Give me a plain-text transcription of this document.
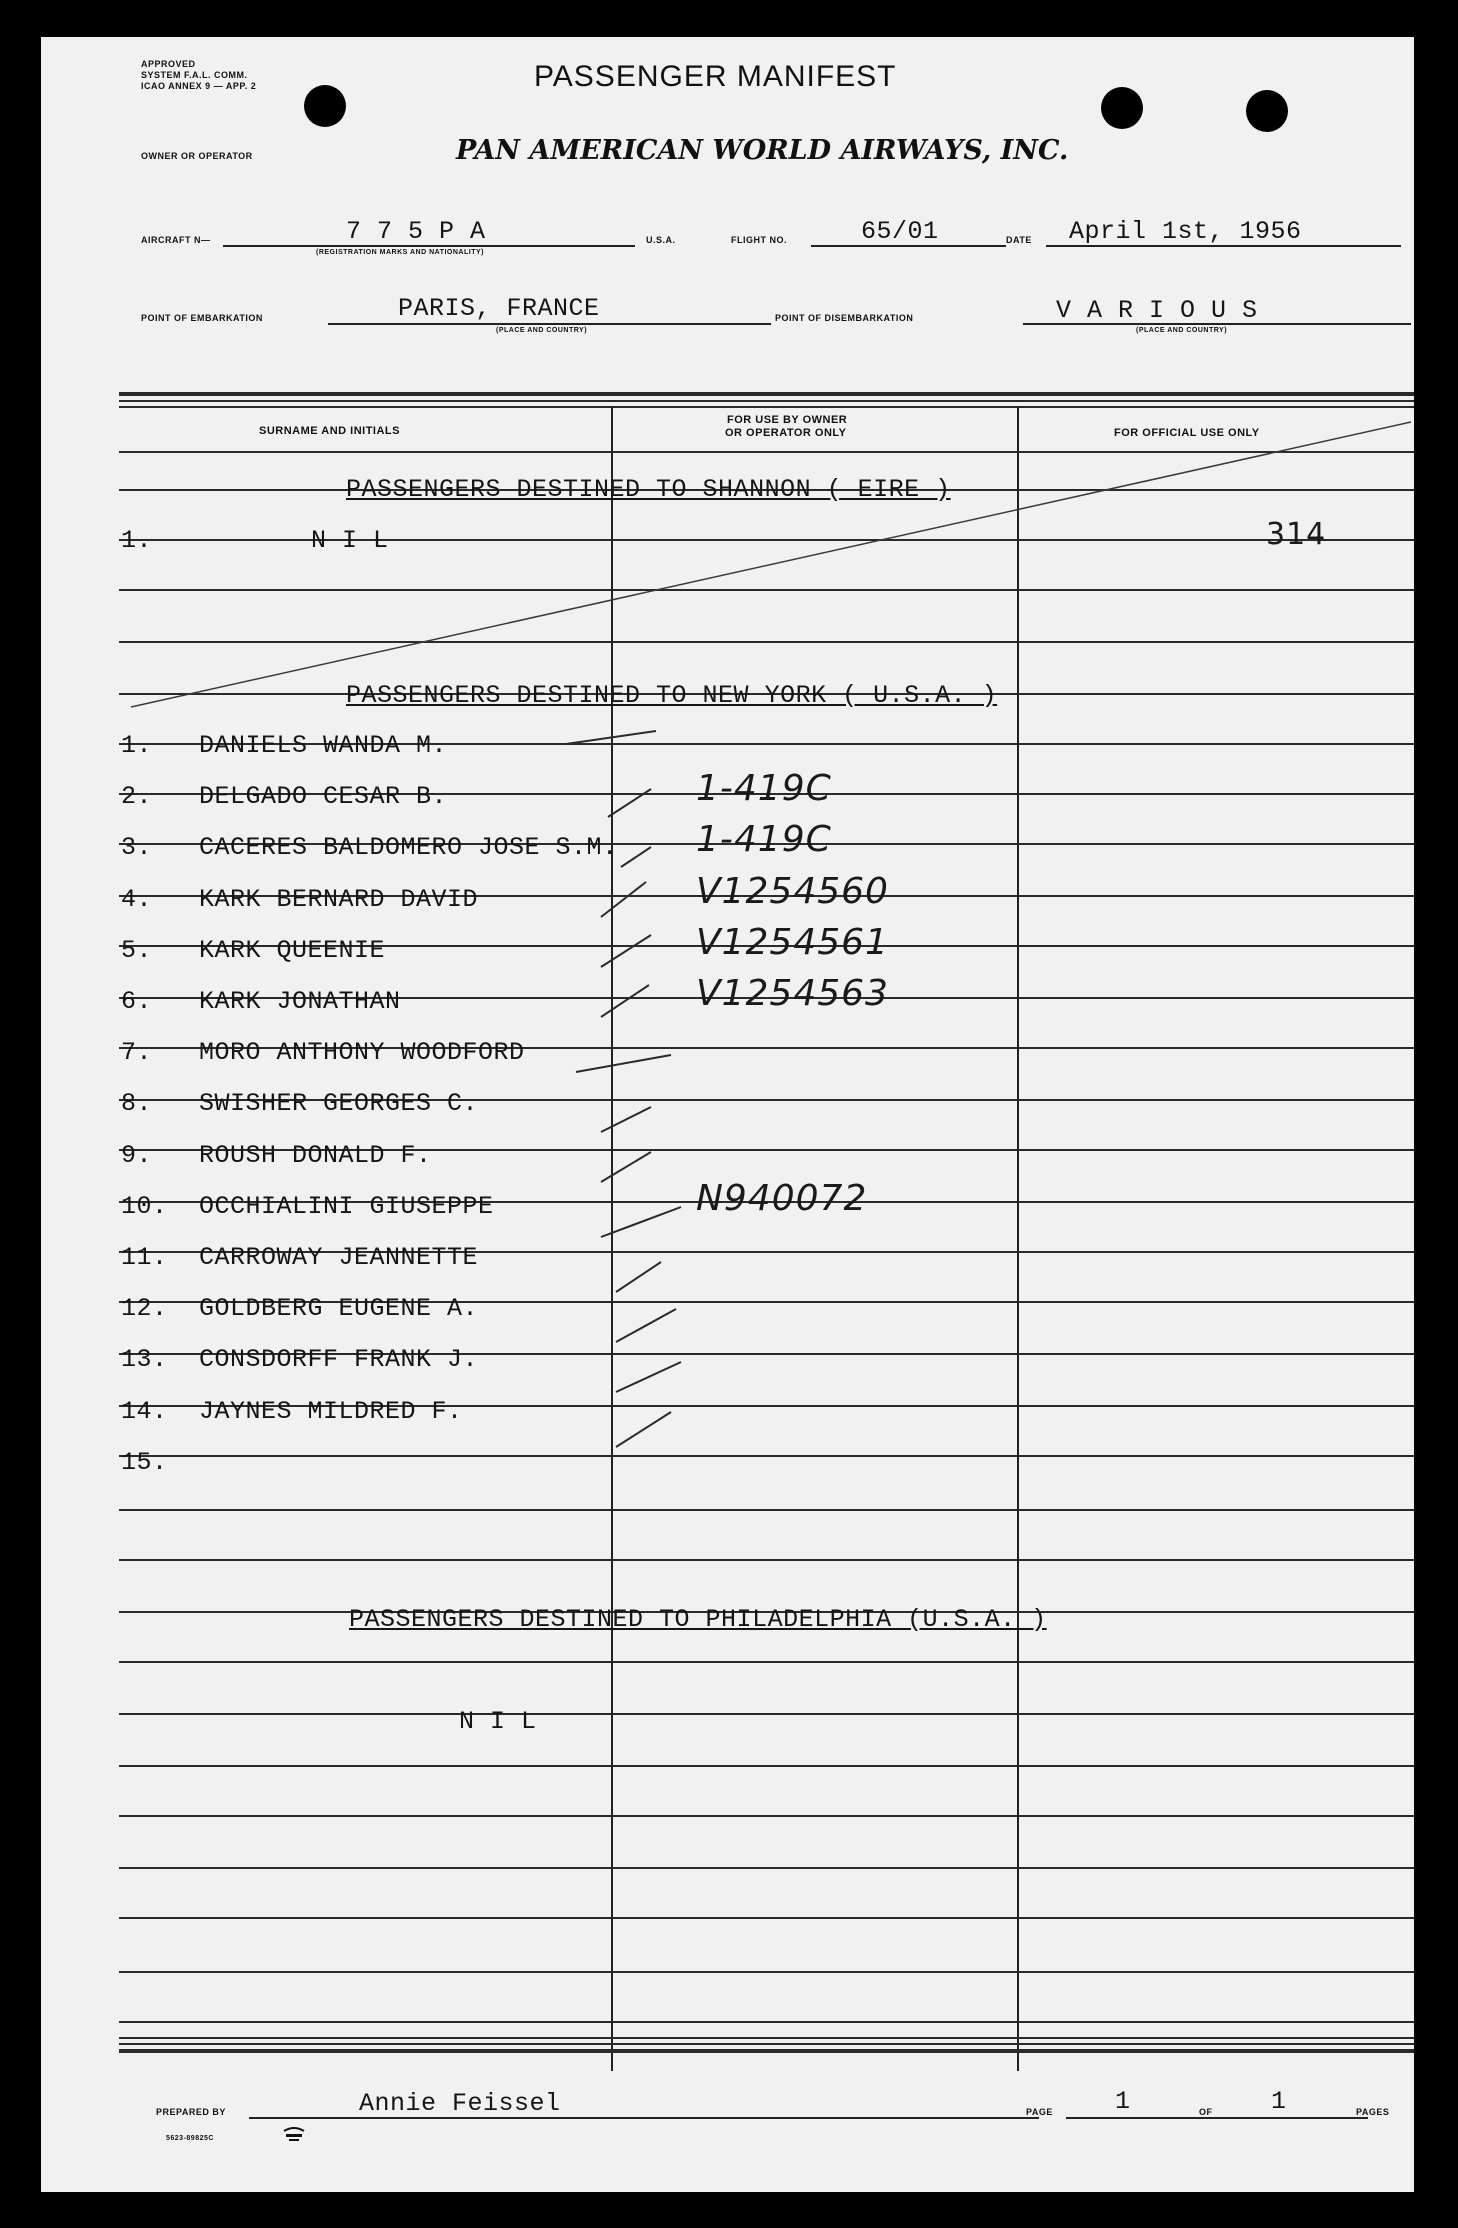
APPROVED
SYSTEM F.A.L. COMM.
ICAO ANNEX 9 — APP. 2	PASSENGER MANIFEST
OWNER OR OPERATOR	PAN AMERICAN WORLD AIRWAYS, INC.
AIRCRAFT N—	7 7 5 P A
(REGISTRATION MARKS AND NATIONALITY)
U.S.A.	FLIGHT NO.	65/01	DATE April 1st, 1956
POINT OF EMBARKATION	PARIS, FRANCE
(PLACE AND COUNTRY)
POINT OF DISEMBARKATION	V A R I O U S
(PLACE AND COUNTRY)
SURNAME AND INITIALS
FOR USE BY OWNER
OR OPERATOR ONLY	FOR OFFICIAL USE ONLY
PASSENGERS DESTINED TO SHANNON ( EIRE )
1.	N I L	314
PASSENGERS DESTINED TO NEW YORK ( U.S.A. )
1. DANIELS WANDA M.
2. DELGADO CESAR B.	1-419C
3. CACERES BALDOMERO JOSE S.M. 1-419C
4. KARK BERNARD DAVID	V1254560
5. KARK QUEENIE	V1254561
6. KARK JONATHAN	V1254563
7. MORO ANTHONY WOODFORD
8. SWISHER GEORGES C.
9. ROUSH DONALD F.
10. OCCHIALINI GIUSEPPE	N940072
11. CARROWAY JEANNETTE
12. GOLDBERG EUGENE A.
13. CONSDORFF FRANK J.
14. JAYNES MILDRED F.
15.
PASSENGERS DESTINED TO PHILADELPHIA (U.S.A. )
N I L
PREPARED BY	Annie Feissel	PAGE 1	OF 1	PAGES
5623-89825C
